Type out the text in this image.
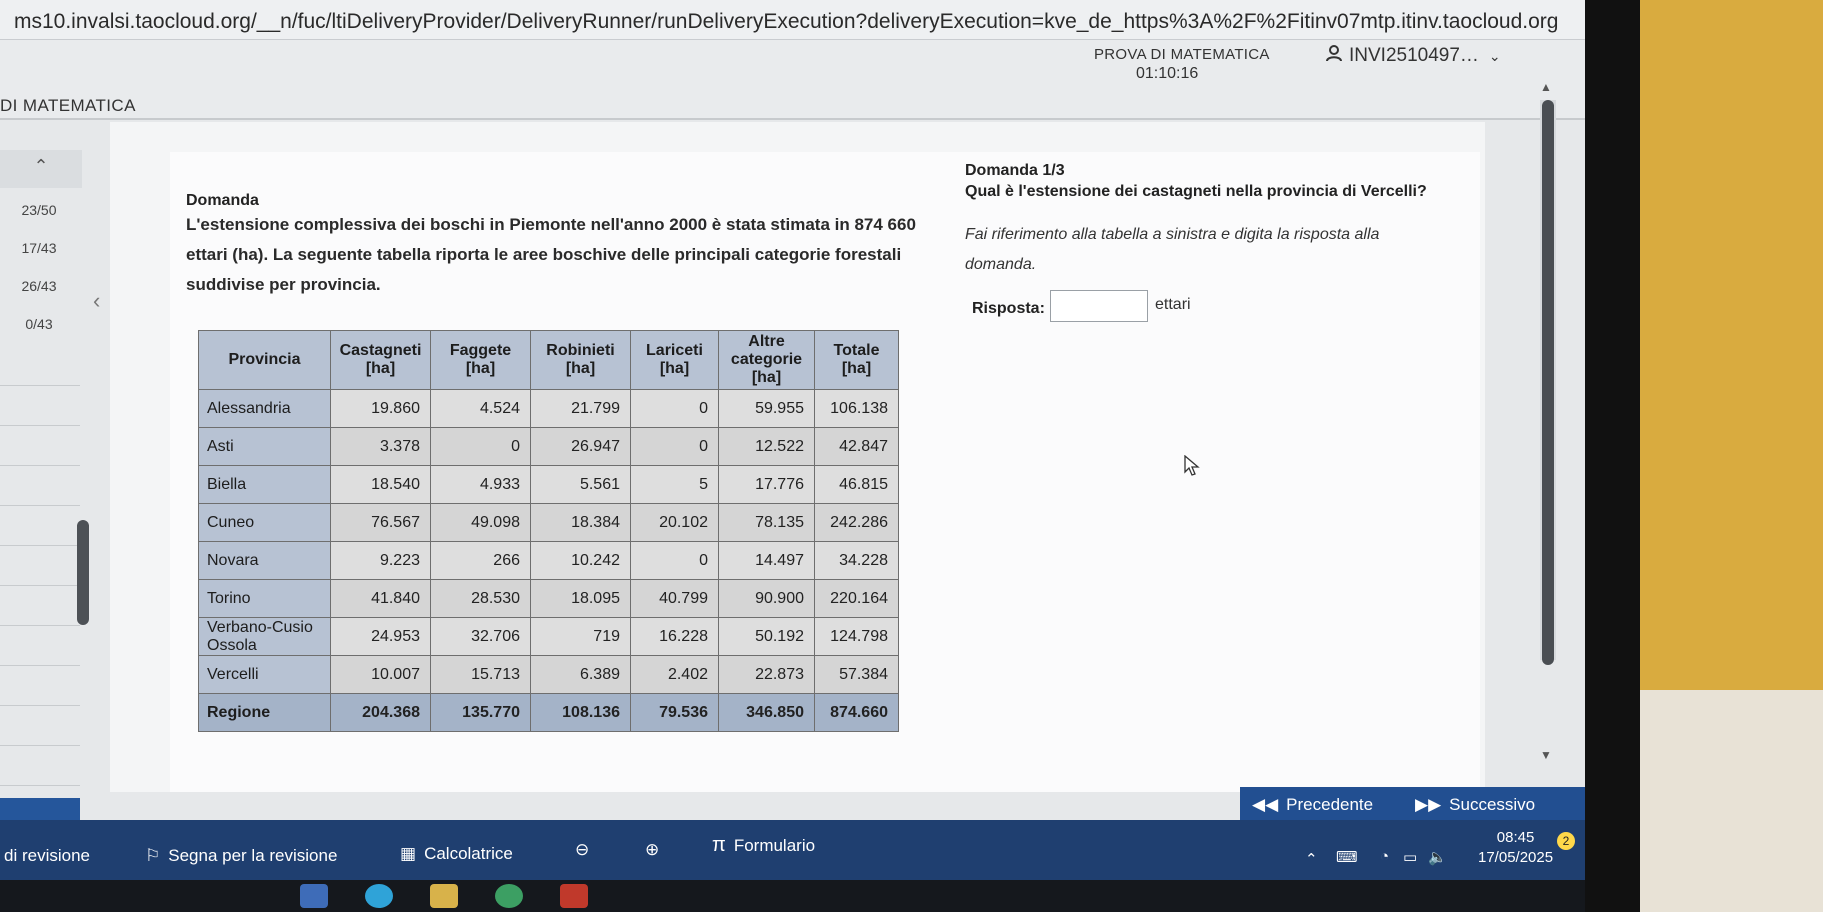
ms10.invalsi.taocloud.org/__n/fuc/ltiDeliveryProvider/DeliveryRunner/runDeliveryExecution?deliveryExecution=kve_de_https%3A%2F%2Fitinv07mtp.itinv.taocloud.org
PROVA DI MATEMATICA
01:10:16
INVI2510497… ⌄
DI MATEMATICA
⌃
23/50
17/43
26/43
0/43
‹
Domanda
L'estensione complessiva dei boschi in Piemonte nell'anno 2000 è stata stimata in 874 660 ettari (ha). La seguente tabella riporta le aree boschive delle principali categorie forestali suddivise per provincia.
Provincia	Castagneti [ha]	Faggete [ha]	Robinieti [ha]	Lariceti [ha]	Altre categorie [ha]	Totale [ha]
Alessandria	19.860	4.524	21.799	0	59.955	106.138
Asti	3.378	0	26.947	0	12.522	42.847
Biella	18.540	4.933	5.561	5	17.776	46.815
Cuneo	76.567	49.098	18.384	20.102	78.135	242.286
Novara	9.223	266	10.242	0	14.497	34.228
Torino	41.840	28.530	18.095	40.799	90.900	220.164
Verbano-Cusio Ossola	24.953	32.706	719	16.228	50.192	124.798
Vercelli	10.007	15.713	6.389	2.402	22.873	57.384
Regione	204.368	135.770	108.136	79.536	346.850	874.660
Domanda 1/3
Qual è l'estensione dei castagneti nella provincia di Vercelli?
Fai riferimento alla tabella a sinistra e digita la risposta alla domanda.
Risposta:	ettari
▲
▼
◀◀ Precedente ▶▶ Successivo
di revisione	⚐ Segna per la revisione	▦ Calcolatrice	⊖	⊕	π Formulario
⌃ ⌨ ◔ ▭ 🔈
08:45
17/05/2025
2
